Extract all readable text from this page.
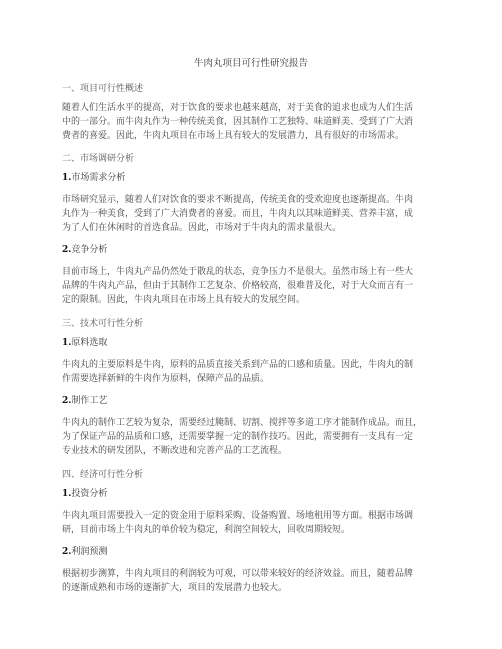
牛肉丸项目可行性研究报告
一、项目可行性概述
随着人们生活水平的提高，对于饮食的要求也越来越高，对于美食的追求也成为人们生活
中的一部分。而牛肉丸作为一种传统美食，因其制作工艺独特、味道鲜美、受到了广大消
费者的喜爱。因此，牛肉丸项目在市场上具有较大的发展潜力，具有很好的市场需求。
二、市场调研分析
1.市场需求分析
市场研究显示，随着人们对饮食的要求不断提高，传统美食的受欢迎度也逐渐提高。牛肉
丸作为一种美食，受到了广大消费者的喜爱。而且，牛肉丸以其味道鲜美、营养丰富，成
为了人们在休闲时的首选食品。因此，市场对于牛肉丸的需求量很大。
2.竞争分析
目前市场上，牛肉丸产品仍然处于散乱的状态，竞争压力不是很大。虽然市场上有一些大
品牌的牛肉丸产品，但由于其制作工艺复杂、价格较高，很难普及化，对于大众而言有一
定的限制。因此，牛肉丸项目在市场上具有较大的发展空间。
三、技术可行性分析
1.原料选取
牛肉丸的主要原料是牛肉，原料的品质直接关系到产品的口感和质量。因此，牛肉丸的制
作需要选择新鲜的牛肉作为原料，保障产品的品质。
2.制作工艺
牛肉丸的制作工艺较为复杂，需要经过腌制、切割、搅拌等多道工序才能制作成品。而且，
为了保证产品的品质和口感，还需要掌握一定的制作技巧。因此，需要拥有一支具有一定
专业技术的研发团队，不断改进和完善产品的工艺流程。
四、经济可行性分析
1.投资分析
牛肉丸项目需要投入一定的资金用于原料采购、设备购置、场地租用等方面。根据市场调
研，目前市场上牛肉丸的单价较为稳定，利润空间较大，回收周期较短。
2.利润预测
根据初步测算，牛肉丸项目的利润较为可观，可以带来较好的经济效益。而且，随着品牌
的逐渐成熟和市场的逐渐扩大，项目的发展潜力也较大。
